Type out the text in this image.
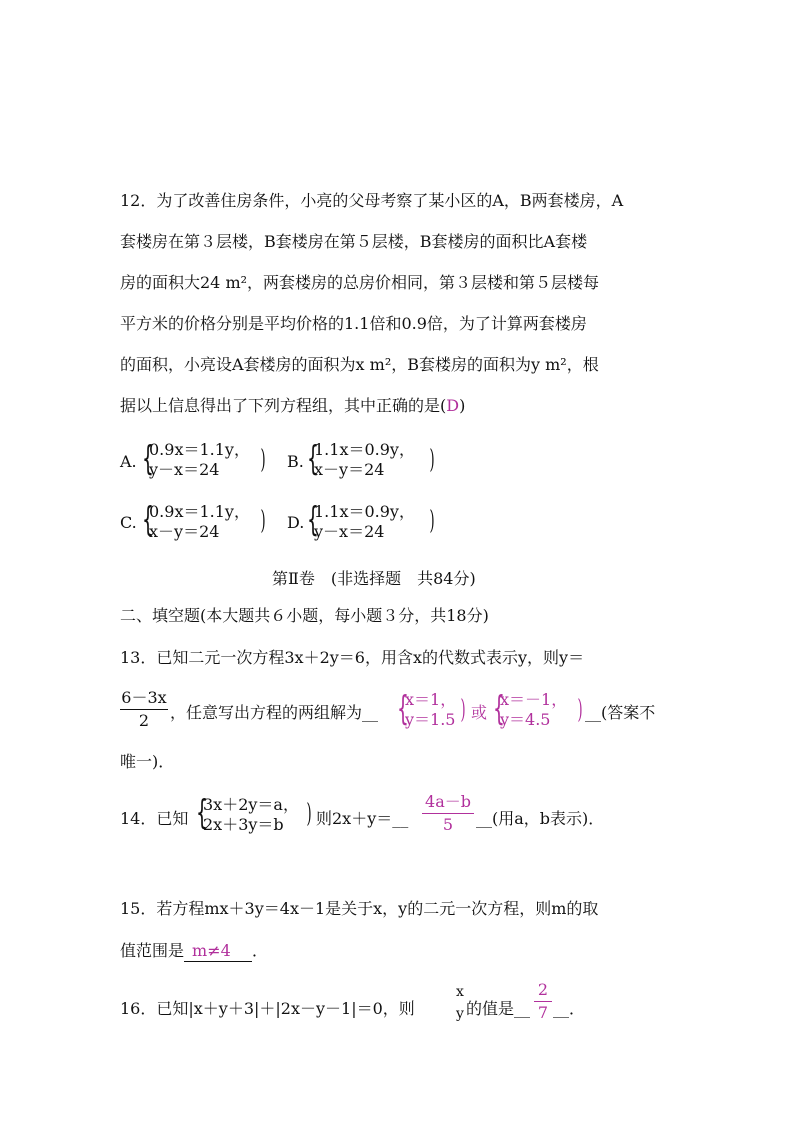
12．为了改善住房条件，小亮的父母考察了某小区的A，B两套楼房，A
套楼房在第３层楼，B套楼房在第５层楼，B套楼房的面积比A套楼
房的面积大24 m²，两套楼房的总房价相同，第３层楼和第５层楼每
平方米的价格分别是平均价格的1.1倍和0.9倍，为了计算两套楼房
的面积，小亮设A套楼房的面积为x m²，B套楼房的面积为y m²，根
据以上信息得出了下列方程组，其中正确的是(D)
A. {
0.9x＝1.1y，
y－x＝24	) B. {
1.1x＝0.9y，
x－y＝24	)
C. {
0.9x＝1.1y，
x－y＝24	) D. {
1.1x＝0.9y，
y－x＝24	)
第Ⅱ卷　(非选择题　共84分)
二、填空题(本大题共６小题，每小题３分，共18分)
13．已知二元一次方程3x＋2y＝6，用含x的代数式表示y，则y＝
6－3x
2	，任意写出方程的两组解为__ {
x＝1，
y＝1.5 ) 或 {
x＝－1，
y＝4.5	) __(答案不
唯一)．
14．已知 {
3x＋2y＝a，
2x＋3y＝b ) 则2x＋y＝__
4a－b
5	__(用a，b表示)．
15．若方程mx＋3y＝4x－1是关于x，y的二元一次方程，则m的取
值范围是 m≠4 ．
16．已知|x＋y＋3|＋|2x－y－1|＝0，则
x
y 的值是__
2
7 __．
